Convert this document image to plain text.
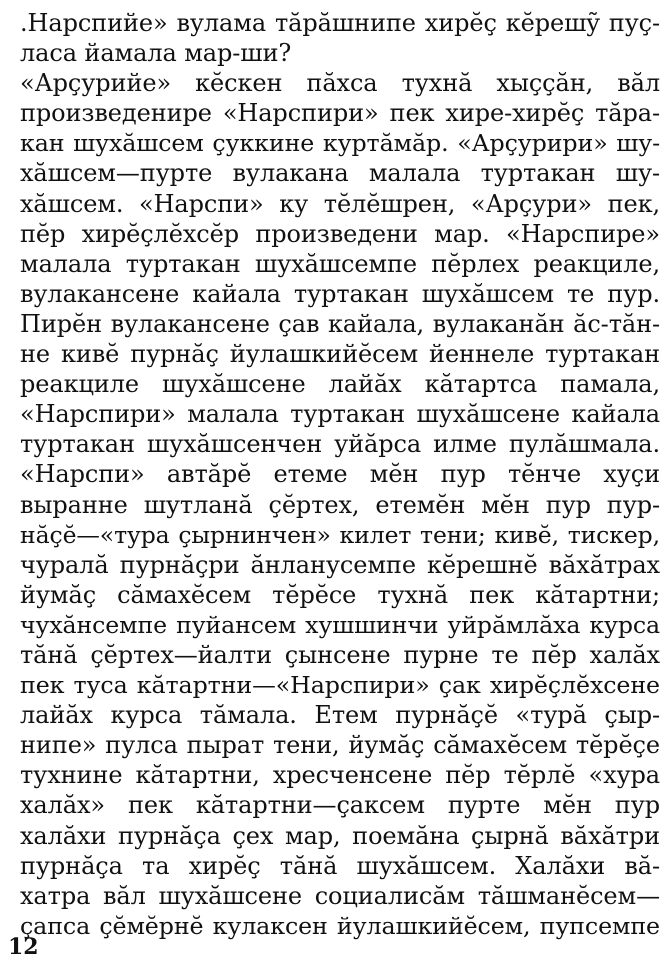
.Нарспийе» вулама тăрăшнипе хирĕç кĕрешỹ пуç-
ласа йамала мар-ши?
«Арçурийе» кĕскен пăхса тухнă хыççăн, вăл
произведенире «Нарспири» пек хире-хирĕç тăра-
кан шухăшсем çуккине куртăмăр. «Арçурири» шу-
хăшсем—пурте вулакана малала туртакан шу-
хăшсем. «Нарспи» ку тĕлĕшрен, «Арçури» пек,
пĕр хирĕçлĕхсĕр произведени мар. «Нарспире»
малала туртакан шухăшсемпе пĕрлех реакциле,
вулакансене кайала туртакан шухăшсем те пур.
Пирĕн вулакансене çав кайала, вулаканăн ăс-тăн-
не кивĕ пурнăç йулашкийĕсем йеннеле туртакан
реакциле шухăшсене лайăх кăтартса памала,
«Нарспири» малала туртакан шухăшсене кайала
туртакан шухăшсенчен уйăрса илме пулăшмала.
«Нарспи» автăрĕ етеме мĕн пур тĕнче хуçи
выранне шутланă çĕртех, етемĕн мĕн пур пур-
нăçĕ—«тура çырнинчен» килет тени; кивĕ, тискер,
чуралă пурнăçри ăнланусемпе кĕрешнĕ вăхăтрах
йумăç сăмахĕсем тĕрĕсе тухнă пек кăтартни;
чухăнсемпе пуйансем хушшинчи уйрăмлăха курса
тăнă çĕртех—йалти çынсене пурне те пĕр халăх
пек туса кăтартни—«Нарспири» çак хирĕçлĕхсене
лайăх курса тăмала. Етем пурнăçĕ «турă çыр-
нипе» пулса пырат тени, йумăç сăмахĕсем тĕрĕçе
тухнине кăтартни, хресченсене пĕр тĕрлĕ «хура
халăх» пек кăтартни—çаксем пурте мĕн пур
халăхи пурнăçа çех мар, поемăна çырнă вăхăтри
пурнăçа та хирĕç тăнă шухăшсем. Халăхи вă-
хатра вăл шухăшсене социалисăм тăшманĕсем—
çапса çĕмĕрнĕ кулаксен йулашкийĕсем, пупсемпе
12
